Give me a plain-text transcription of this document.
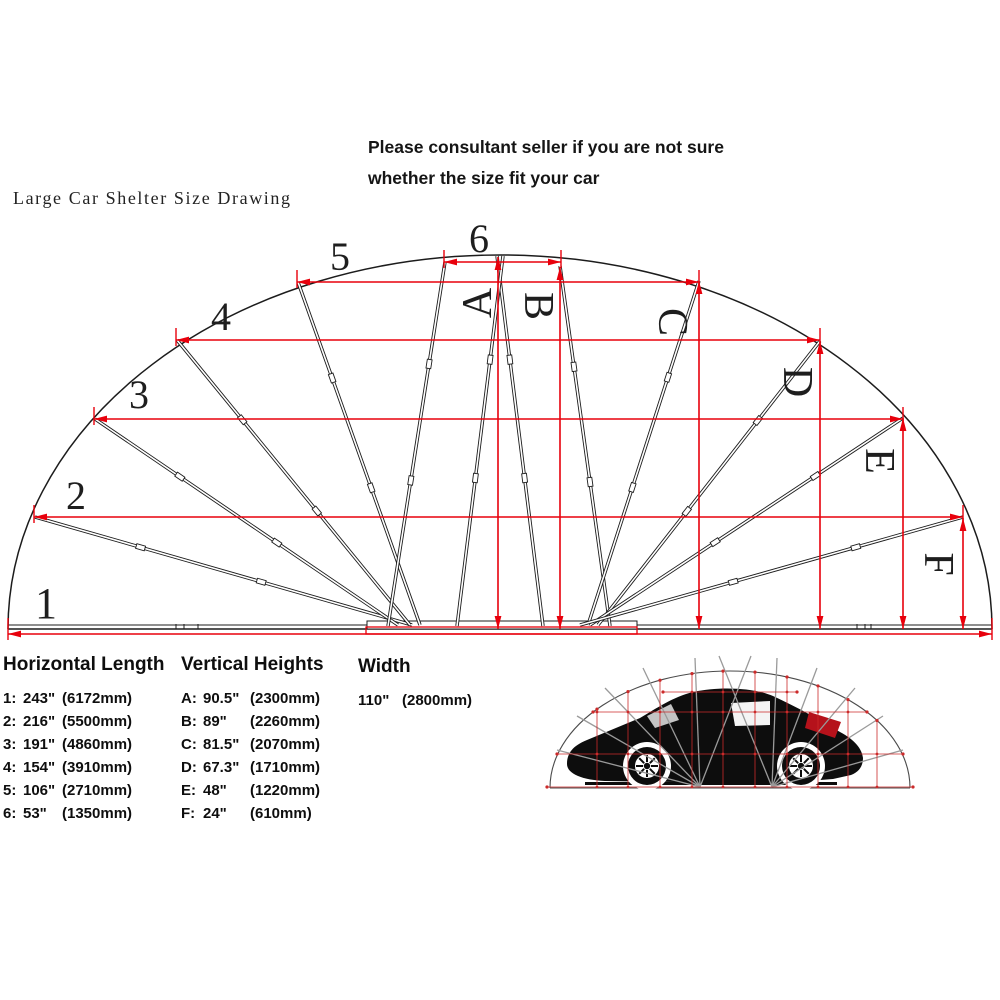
Large Car Shelter Size Drawing
Please consultant seller if you are not sure
whether the size fit your car
1
2
3
4
5	6
A B
C
D
E
F
Horizontal Length
1: 243" (6172mm)
2: 216" (5500mm)
3: 191" (4860mm)
4: 154" (3910mm)
5: 106" (2710mm)
6: 53"	(1350mm)
Vertical Heights
A: 90.5" (2300mm)
B: 89"	(2260mm)
C: 81.5" (2070mm)
D: 67.3" (1710mm)
E: 48"	(1220mm)
F: 24"	(610mm)
Width
110" (2800mm)
